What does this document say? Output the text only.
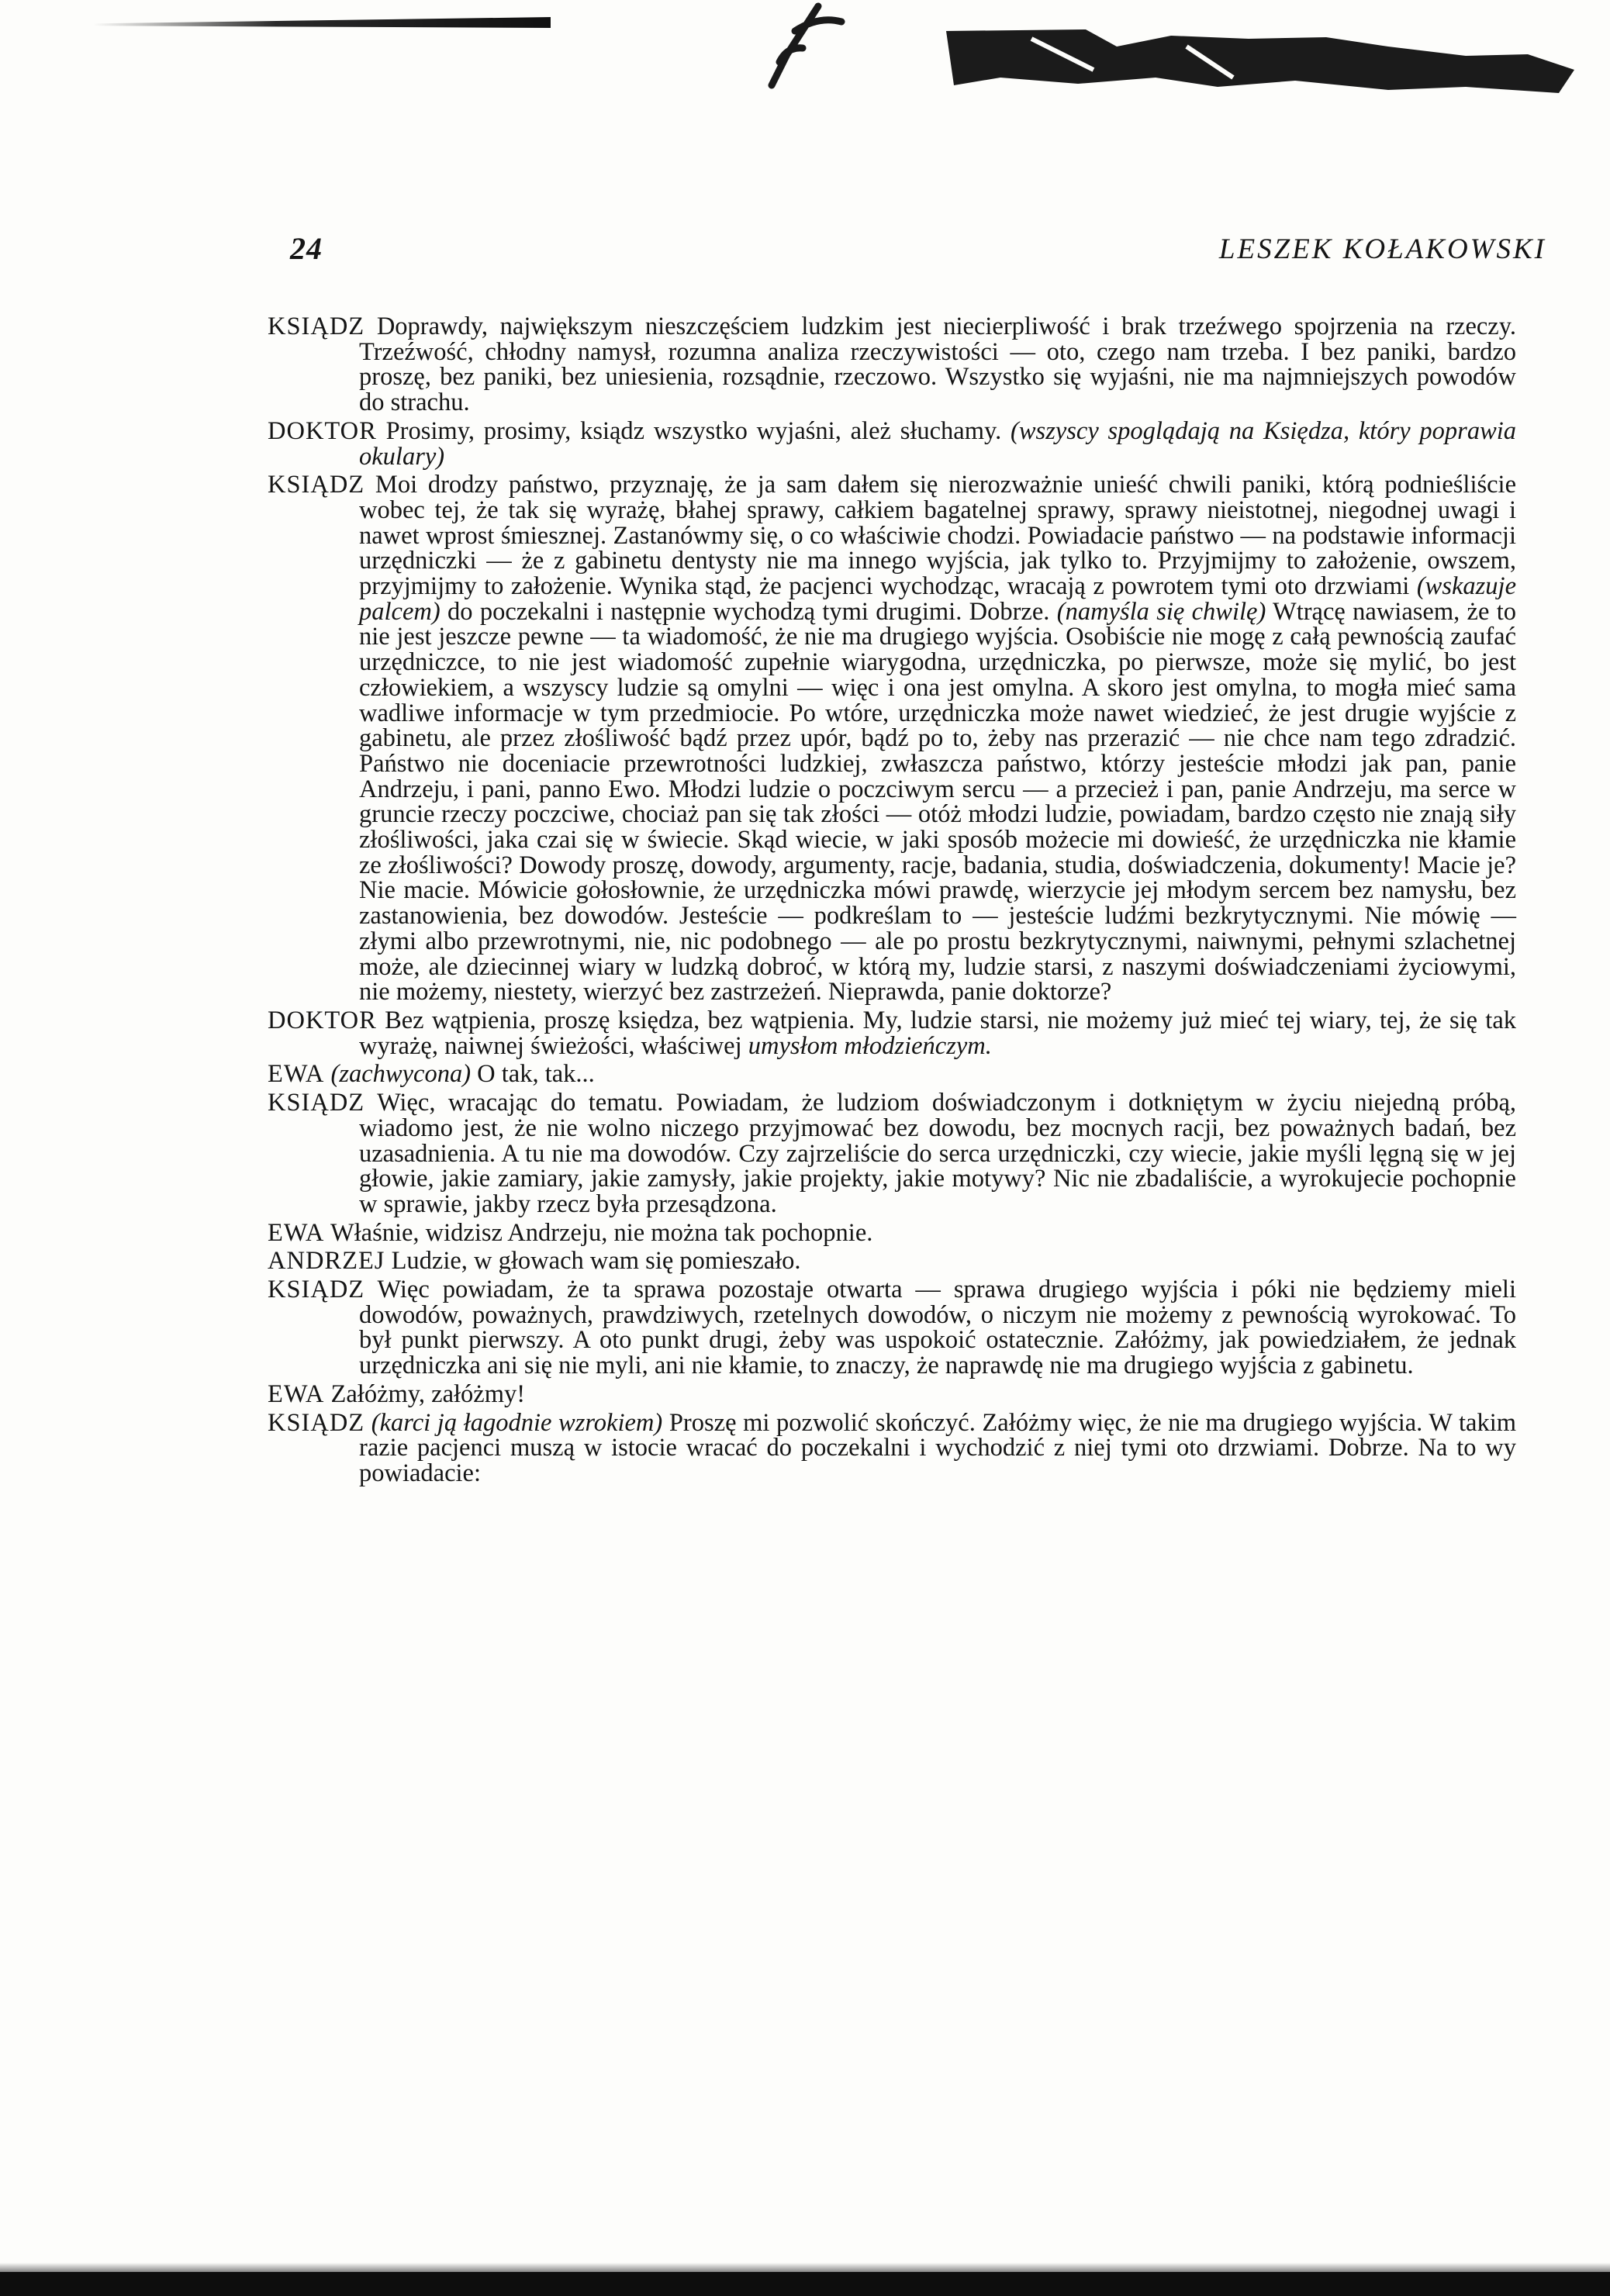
24	LESZEK KOŁAKOWSKI

KSIĄDZ Doprawdy, największym nieszczęściem ludzkim jest niecierpliwość i brak trzeźwego spojrzenia na rzeczy. Trzeźwość, chłodny namysł, rozumna analiza rzeczywistości — oto, czego nam trzeba. I bez paniki, bardzo proszę, bez paniki, bez uniesienia, rozsądnie, rzeczowo. Wszystko się wyjaśni, nie ma najmniejszych powodów do strachu.

DOKTOR Prosimy, prosimy, ksiądz wszystko wyjaśni, ależ słuchamy. (wszyscy spoglądają na Księdza, który poprawia okulary)

KSIĄDZ Moi drodzy państwo, przyznaję, że ja sam dałem się nierozważnie unieść chwili paniki, którą podnieśliście wobec tej, że tak się wyrażę, błahej sprawy, całkiem bagatelnej sprawy, sprawy nieistotnej, niegodnej uwagi i nawet wprost śmiesznej. Zastanówmy się, o co właściwie chodzi. Powiadacie państwo — na podstawie informacji urzędniczki — że z gabinetu dentysty nie ma innego wyjścia, jak tylko to. Przyjmijmy to założenie, owszem, przyjmijmy to założenie. Wynika stąd, że pacjenci wychodząc, wracają z powrotem tymi oto drzwiami (wskazuje palcem) do poczekalni i następnie wychodzą tymi drugimi. Dobrze. (namyśla się chwilę) Wtrącę nawiasem, że to nie jest jeszcze pewne — ta wiadomość, że nie ma drugiego wyjścia. Osobiście nie mogę z całą pewnością zaufać urzędniczce, to nie jest wiadomość zupełnie wiarygodna, urzędniczka, po pierwsze, może się mylić, bo jest człowiekiem, a wszyscy ludzie są omylni — więc i ona jest omylna. A skoro jest omylna, to mogła mieć sama wadliwe informacje w tym przedmiocie. Po wtóre, urzędniczka może nawet wiedzieć, że jest drugie wyjście z gabinetu, ale przez złośliwość bądź przez upór, bądź po to, żeby nas przerazić — nie chce nam tego zdradzić. Państwo nie doceniacie przewrotności ludzkiej, zwłaszcza państwo, którzy jesteście młodzi jak pan, panie Andrzeju, i pani, panno Ewo. Młodzi ludzie o poczciwym sercu — a przecież i pan, panie Andrzeju, ma serce w gruncie rzeczy poczciwe, chociaż pan się tak złości — otóż młodzi ludzie, powiadam, bardzo często nie znają siły złośliwości, jaka czai się w świecie. Skąd wiecie, w jaki sposób możecie mi dowieść, że urzędniczka nie kłamie ze złośliwości? Dowody proszę, dowody, argumenty, racje, badania, studia, doświadczenia, dokumenty! Macie je? Nie macie. Mówicie gołosłownie, że urzędniczka mówi prawdę, wierzycie jej młodym sercem bez namysłu, bez zastanowienia, bez dowodów. Jesteście — podkreślam to — jesteście ludźmi bezkrytycznymi. Nie mówię — złymi albo przewrotnymi, nie, nic podobnego — ale po prostu bezkrytycznymi, naiwnymi, pełnymi szlachetnej może, ale dziecinnej wiary w ludzką dobroć, w którą my, ludzie starsi, z naszymi doświadczeniami życiowymi, nie możemy, niestety, wierzyć bez zastrzeżeń. Nieprawda, panie doktorze?

DOKTOR Bez wątpienia, proszę księdza, bez wątpienia. My, ludzie starsi, nie możemy już mieć tej wiary, tej, że się tak wyrażę, naiwnej świeżości, właściwej umysłom młodzieńczym.

EWA (zachwycona) O tak, tak...

KSIĄDZ Więc, wracając do tematu. Powiadam, że ludziom doświadczonym i dotkniętym w życiu niejedną próbą, wiadomo jest, że nie wolno niczego przyjmować bez dowodu, bez mocnych racji, bez poważnych badań, bez uzasadnienia. A tu nie ma dowodów. Czy zajrzeliście do serca urzędniczki, czy wiecie, jakie myśli lęgną się w jej głowie, jakie zamiary, jakie zamysły, jakie projekty, jakie motywy? Nic nie zbadaliście, a wyrokujecie pochopnie w sprawie, jakby rzecz była przesądzona.

EWA Właśnie, widzisz Andrzeju, nie można tak pochopnie.

ANDRZEJ Ludzie, w głowach wam się pomieszało.

KSIĄDZ Więc powiadam, że ta sprawa pozostaje otwarta — sprawa drugiego wyjścia i póki nie będziemy mieli dowodów, poważnych, prawdziwych, rzetelnych dowodów, o niczym nie możemy z pewnością wyrokować. To był punkt pierwszy. A oto punkt drugi, żeby was uspokoić ostatecznie. Załóżmy, jak powiedziałem, że jednak urzędniczka ani się nie myli, ani nie kłamie, to znaczy, że naprawdę nie ma drugiego wyjścia z gabinetu.

EWA Załóżmy, załóżmy!

KSIĄDZ (karci ją łagodnie wzrokiem) Proszę mi pozwolić skończyć. Załóżmy więc, że nie ma drugiego wyjścia. W takim razie pacjenci muszą w istocie wracać do poczekalni i wychodzić z niej tymi oto drzwiami. Dobrze. Na to wy powiadacie:
